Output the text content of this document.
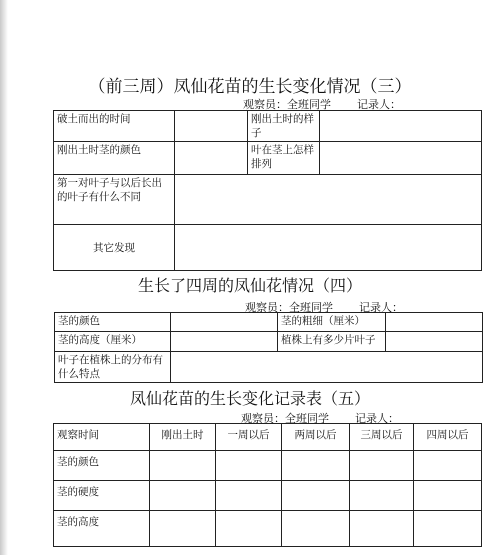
（前三周）凤仙花苗的生长变化情况（三）
观察员：全班同学 记录人：
破土而出的时间		刚出土时的样子	
刚出土时茎的颜色		叶在茎上怎样排列	
第一对叶子与以后长出的叶子有什么不同			
其它发现			
生长了四周的凤仙花情况（四）
观察员：全班同学 记录人：
茎的颜色		茎的粗细（厘米）	
茎的高度（厘米）		植株上有多少片叶子	
叶子在植株上的分布有什么特点			
凤仙花苗的生长变化记录表（五）
观察员：全班同学 记录人：
观察时间	刚出土时	一周以后	两周以后	三周以后	四周以后
茎的颜色					
茎的硬度					
茎的高度					
